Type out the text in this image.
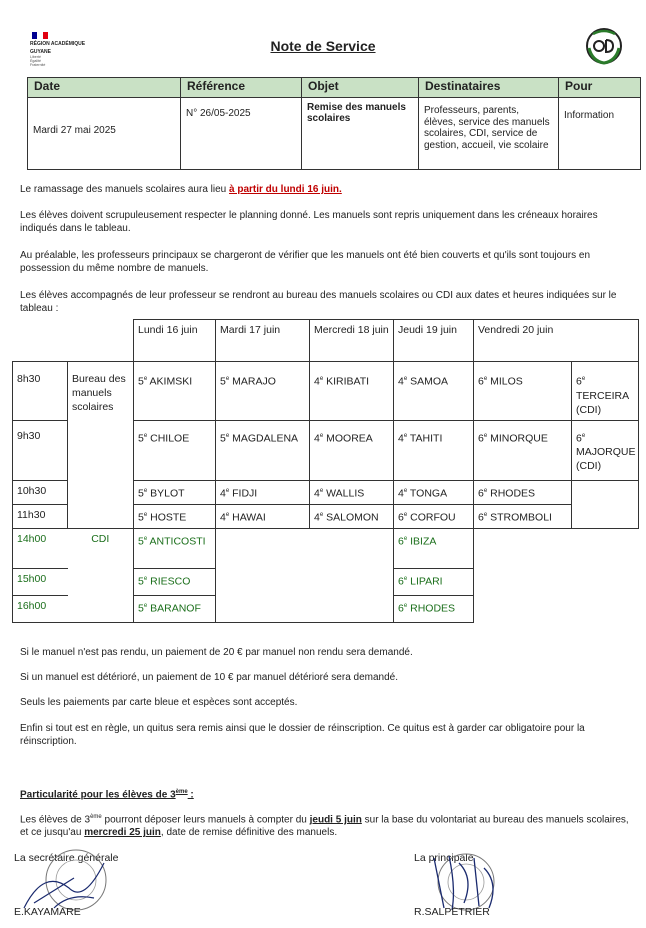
RÉGION ACADÉMIQUE
GUYANE
Liberté
Égalité
Fraternité
Note de Service
Date	Référence	Objet	Destinataires	Pour
Mardi 27 mai 2025	N° 26/05-2025	Remise des manuels scolaires	Professeurs, parents, élèves, service des manuels scolaires, CDI, service de gestion, accueil, vie scolaire	Information
Le ramassage des manuels scolaires aura lieu à partir du lundi 16 juin.
Les élèves doivent scrupuleusement respecter le planning donné. Les manuels sont repris uniquement dans les créneaux horaires indiqués dans le tableau.
Au préalable, les professeurs principaux se chargeront de vérifier que les manuels ont été bien couverts et qu'ils sont toujours en possession du même nombre de manuels.
Les élèves accompagnés de leur professeur se rendront au bureau des manuels scolaires ou CDI aux dates et heures indiquées sur le tableau :
		Lundi 16 juin	Mardi 17 juin	Mercredi 18 juin	Jeudi 19 juin	Vendredi 20 juin	
8h30	Bureau des manuels scolaires	5e AKIMSKI	5e MARAJO	4e KIRIBATI	4e SAMOA	6e MILOS	6e TERCEIRA (CDI)
9h30		5e CHILOE	5e MAGDALENA	4e MOOREA	4e TAHITI	6e MINORQUE	6e MAJORQUE (CDI)
10h30		5e BYLOT	4e FIDJI	4e WALLIS	4e TONGA	6e RHODES	
11h30		5e HOSTE	4e HAWAI	4e SALOMON	6e CORFOU	6e STROMBOLI	
14h00	CDI	5e ANTICOSTI			6e IBIZA		
15h00		5e RIESCO			6e LIPARI		
16h00		5e BARANOF			6e RHODES		
Si le manuel n'est pas rendu, un paiement de 20 € par manuel non rendu sera demandé.
Si un manuel est détérioré, un paiement de 10 € par manuel détérioré sera demandé.
Seuls les paiements par carte bleue et espèces sont acceptés.
Enfin si tout est en règle, un quitus sera remis ainsi que le dossier de réinscription. Ce quitus est à garder car obligatoire pour la réinscription.
Particularité pour les élèves de 3ème :
Les élèves de 3ème pourront déposer leurs manuels à compter du jeudi 5 juin sur la base du volontariat au bureau des manuels scolaires, et ce jusqu'au mercredi 25 juin, date de remise définitive des manuels.
La secrétaire générale
E.KAYAMARE
La principale
R.SALPETRIER
